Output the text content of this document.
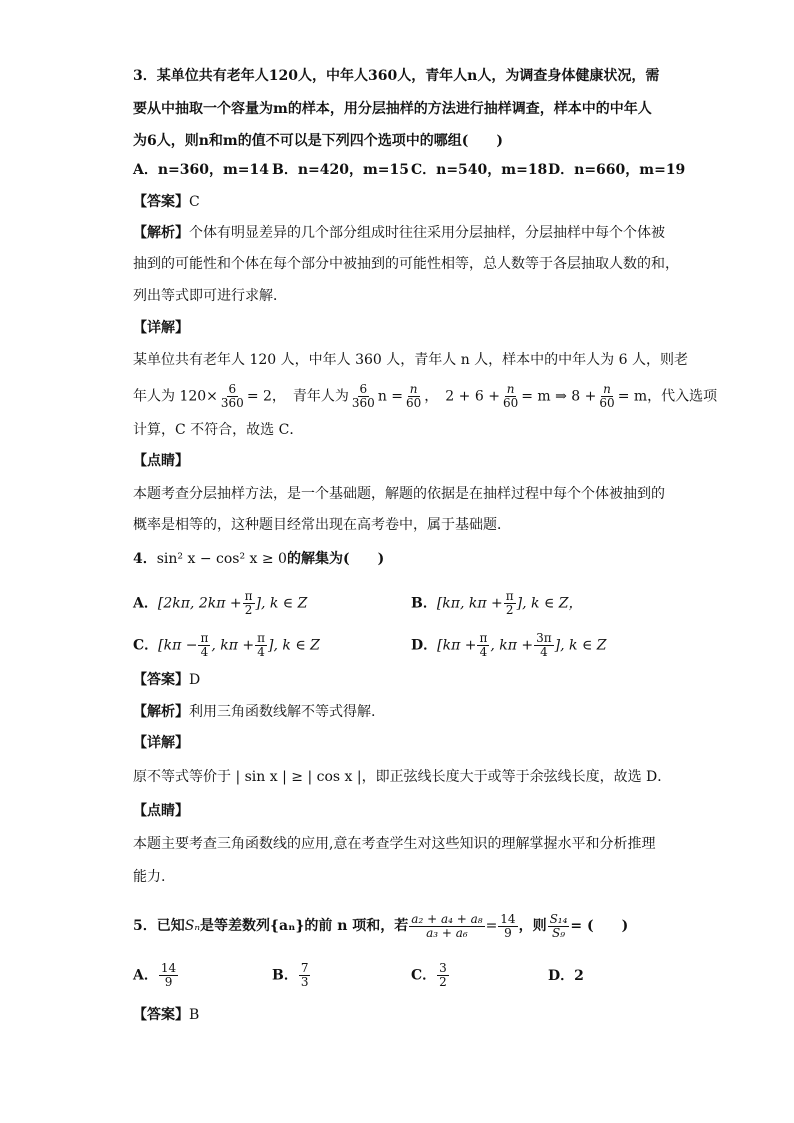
3．某单位共有老年人120人，中年人360人，青年人n人，为调查身体健康状况，需
要从中抽取一个容量为m的样本，用分层抽样的方法进行抽样调查，样本中的中年人
为6人，则n和m的值不可以是下列四个选项中的哪组(　　)
A．n=360，m=14 B．n=420，m=15 C．n=540，m=18 D．n=660，m=19
【答案】C
【解析】个体有明显差异的几个部分组成时往往采用分层抽样，分层抽样中每个个体被
抽到的可能性和个体在每个部分中被抽到的可能性相等，总人数等于各层抽取人数的和，
列出等式即可进行求解．
【详解】
某单位共有老年人 120 人，中年人 360 人，青年人 n 人，样本中的中年人为 6 人，则老
年人为 $120\times \frac{6}{360} = 2$，　青年人为 $\frac{6}{360}$ $n = \frac{n}{60}$ ，　$2 + 6 + \frac{n}{60} = m$ ⇒ $8 + \frac{n}{60} = m$，代入选项
计算，C 不符合，故选 C．
【点睛】
本题考查分层抽样方法，是一个基础题，解题的依据是在抽样过程中每个个体被抽到的
概率是相等的，这种题目经常出现在高考卷中，属于基础题．
4．sin² x − cos² x ≥ 0的解集为(　　)
A．[2kπ, $2k\pi + \frac{\pi}{2}$ ], k ∈ Z	B．[kπ, $k\pi + \frac{\pi}{2}$ ], k ∈ Z，
C．[$k\pi - \frac{\pi}{4}$ , $k\pi + \frac{\pi}{4}$ ], k ∈ Z	D．[$k\pi + \frac{\pi}{4}$ , $k\pi + \frac{3\pi}{4}$ ], k ∈ Z
【答案】D
【解析】利用三角函数线解不等式得解.
【详解】
原不等式等价于 | sin x | ≥ | cos x |，即正弦线长度大于或等于余弦线长度，故选 D．
【点睛】
本题主要考查三角函数线的应用,意在考查学生对这些知识的理解掌握水平和分析推理
能力.
5．已知Sₙ是等差数列{aₙ}的前 n 项和，若 $\frac{\text{a₂ + a₄ + a₈}}{\text{a₃ + a₆}} = \frac{14}{9}$ ，则 $\frac{\text{S₁₄}}{\text{S₉}}$ = (　　)
A． $\frac{14}{9}$	B． $\frac{7}{3}$	C． $\frac{3}{2}$	D．2
【答案】B
